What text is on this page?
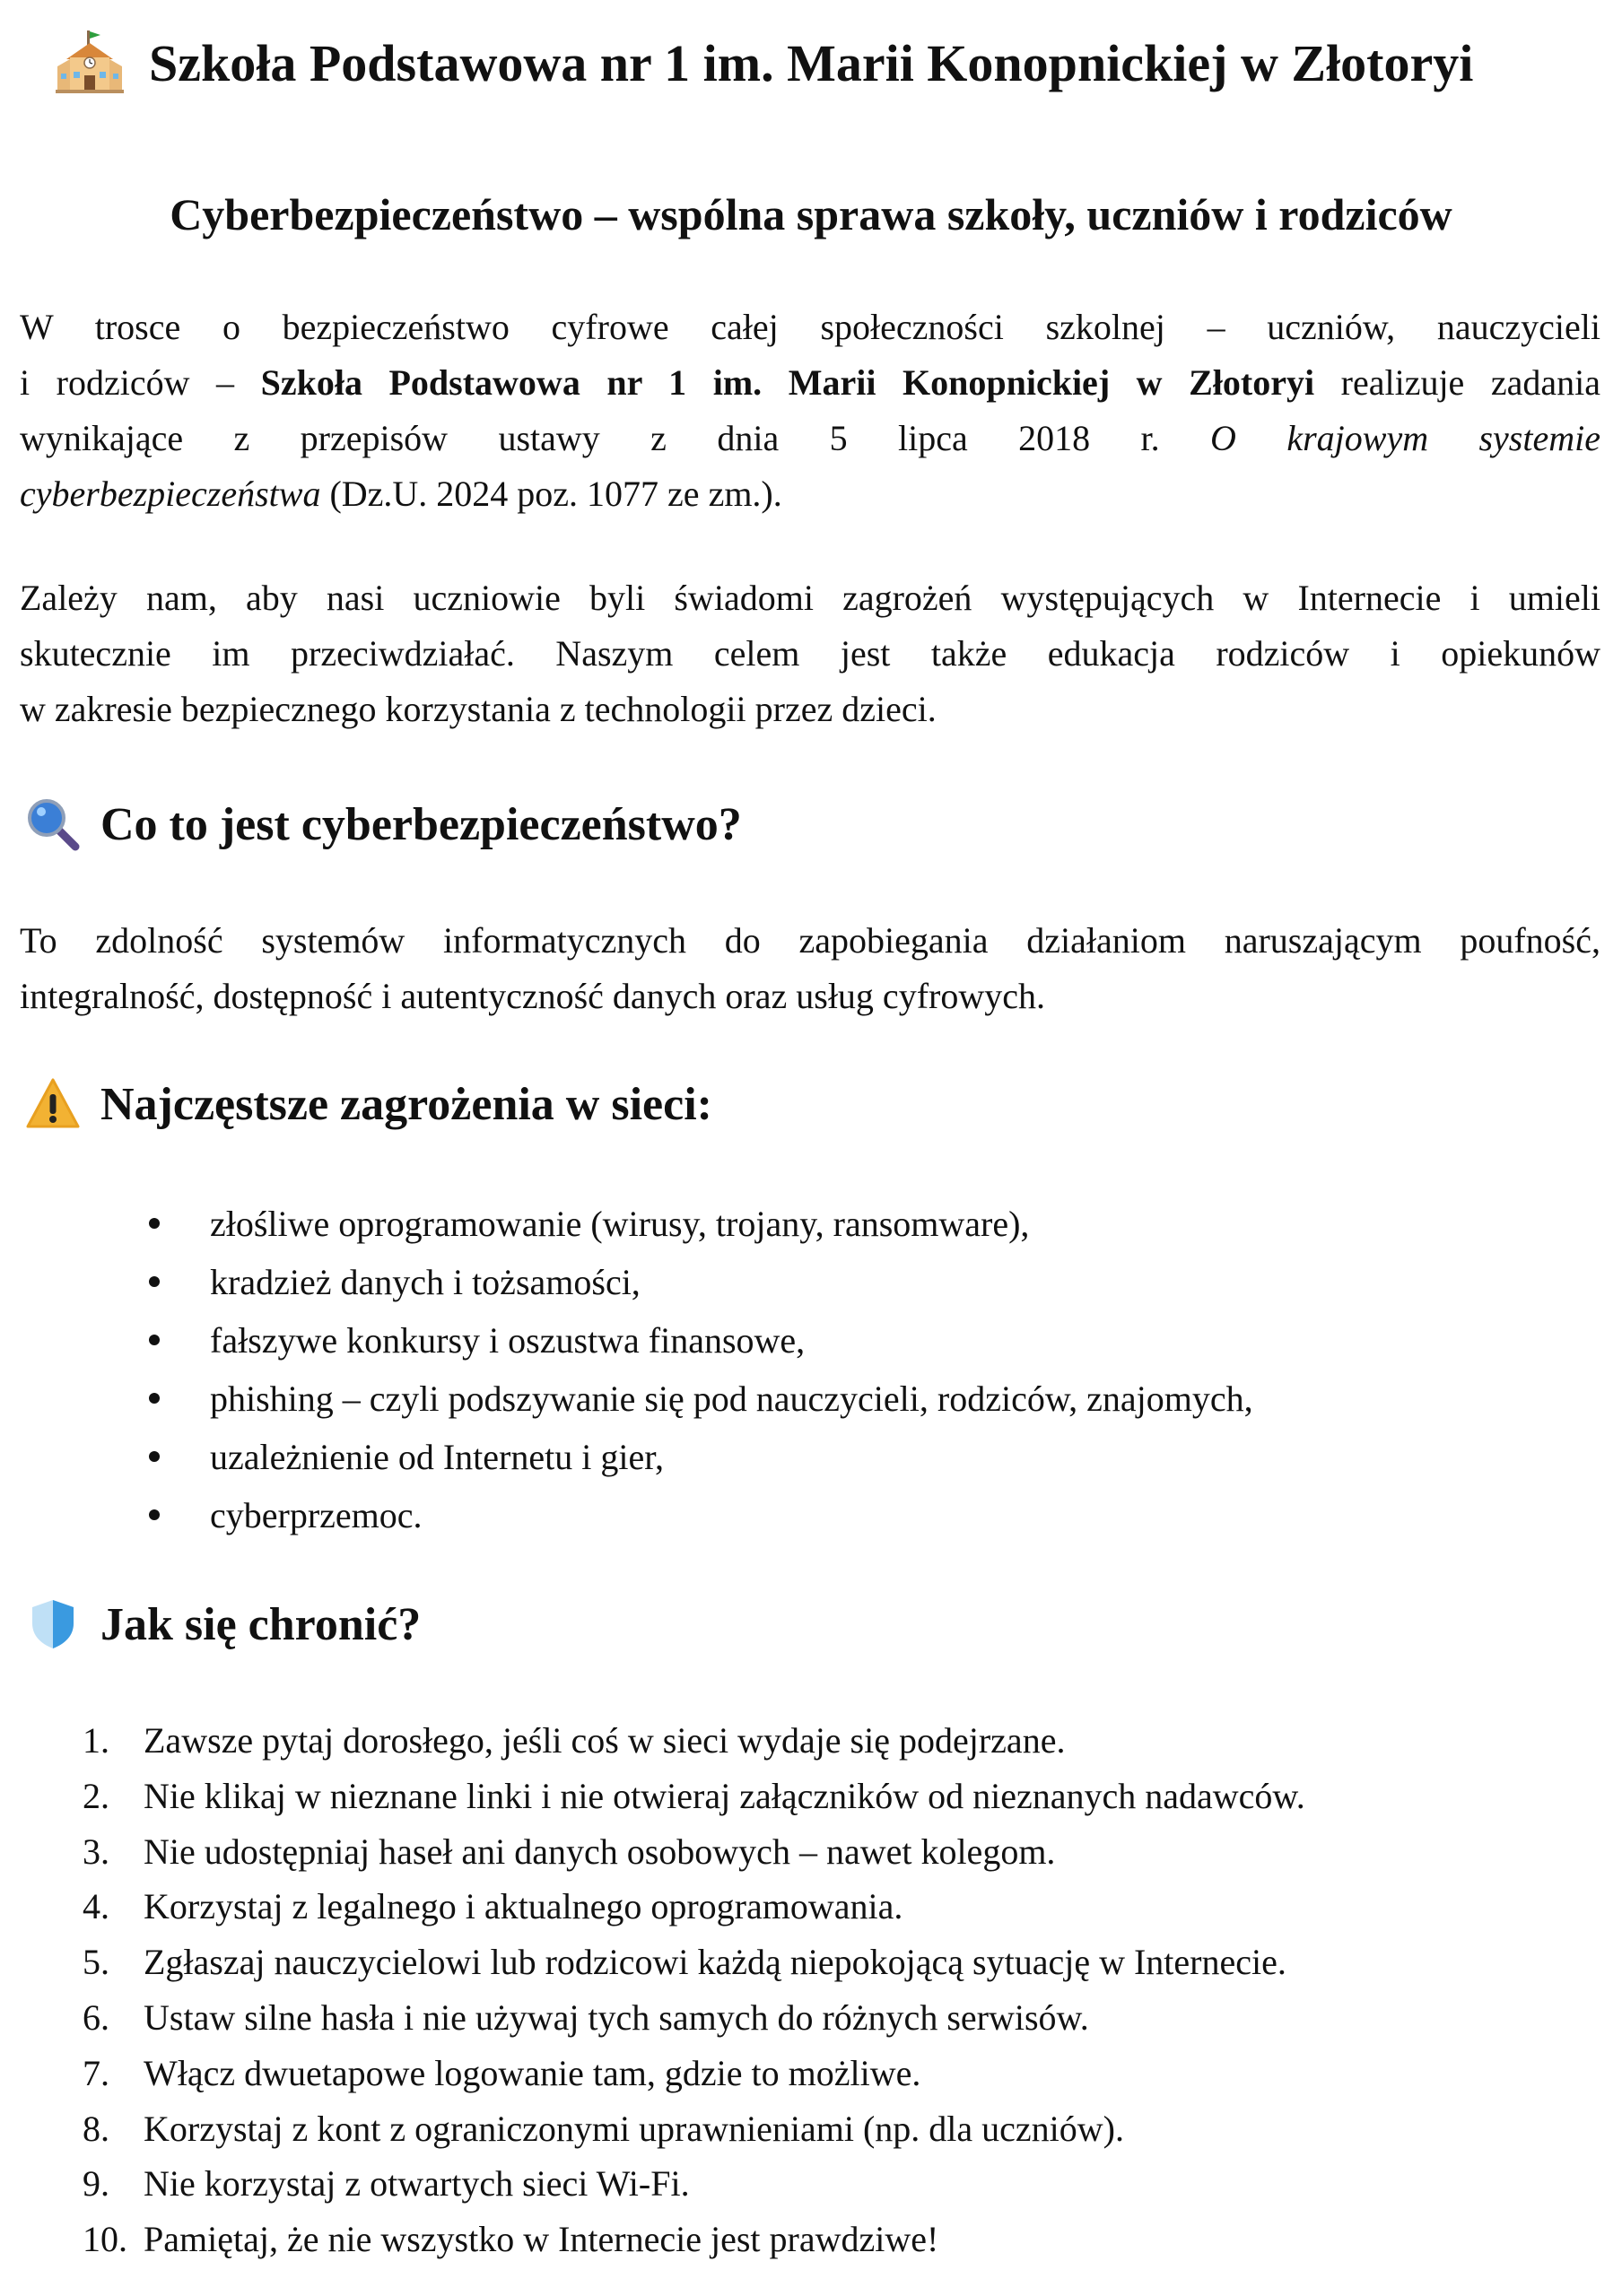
Szkoła Podstawowa nr 1 im. Marii Konopnickiej w Złotoryi
Cyberbezpieczeństwo – wspólna sprawa szkoły, uczniów i rodziców
W trosce o bezpieczeństwo cyfrowe całej społeczności szkolnej – uczniów, nauczycieli
i rodziców – Szkoła Podstawowa nr 1 im. Marii Konopnickiej w Złotoryi realizuje zadania
wynikające z przepisów ustawy z dnia 5 lipca 2018 r. O krajowym systemie
cyberbezpieczeństwa (Dz.U. 2024 poz. 1077 ze zm.).
Zależy nam, aby nasi uczniowie byli świadomi zagrożeń występujących w Internecie i umieli
skutecznie im przeciwdziałać. Naszym celem jest także edukacja rodziców i opiekunów
w zakresie bezpiecznego korzystania z technologii przez dzieci.
Co to jest cyberbezpieczeństwo?
To zdolność systemów informatycznych do zapobiegania działaniom naruszającym poufność,
integralność, dostępność i autentyczność danych oraz usług cyfrowych.
Najczęstsze zagrożenia w sieci:
złośliwe oprogramowanie (wirusy, trojany, ransomware),
kradzież danych i tożsamości,
fałszywe konkursy i oszustwa finansowe,
phishing – czyli podszywanie się pod nauczycieli, rodziców, znajomych,
uzależnienie od Internetu i gier,
cyberprzemoc.
Jak się chronić?
1. Zawsze pytaj dorosłego, jeśli coś w sieci wydaje się podejrzane.
2. Nie klikaj w nieznane linki i nie otwieraj załączników od nieznanych nadawców.
3. Nie udostępniaj haseł ani danych osobowych – nawet kolegom.
4. Korzystaj z legalnego i aktualnego oprogramowania.
5. Zgłaszaj nauczycielowi lub rodzicowi każdą niepokojącą sytuację w Internecie.
6. Ustaw silne hasła i nie używaj tych samych do różnych serwisów.
7. Włącz dwuetapowe logowanie tam, gdzie to możliwe.
8. Korzystaj z kont z ograniczonymi uprawnieniami (np. dla uczniów).
9. Nie korzystaj z otwartych sieci Wi-Fi.
10. Pamiętaj, że nie wszystko w Internecie jest prawdziwe!
